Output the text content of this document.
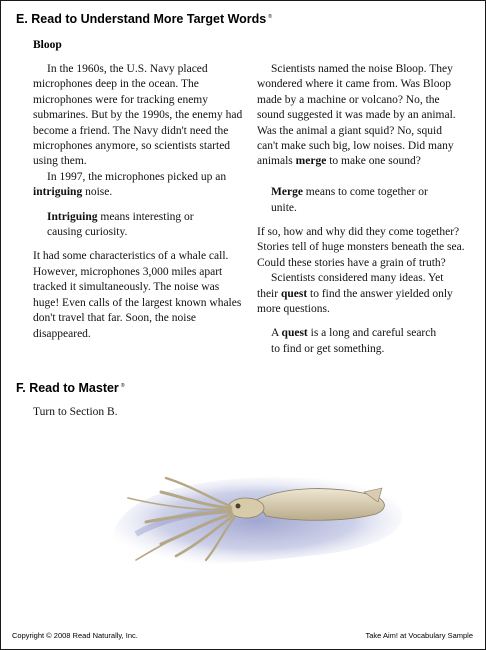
E. Read to Understand More Target Words ®
Bloop

In the 1960s, the U.S. Navy placed microphones deep in the ocean. The microphones were for tracking enemy submarines. But by the 1990s, the enemy had become a friend. The Navy didn't need the microphones anymore, so scientists started using them.

In 1997, the microphones picked up an intriguing noise.

Intriguing means interesting or causing curiosity.

It had some characteristics of a whale call. However, microphones 3,000 miles apart tracked it simultaneously. The noise was huge! Even calls of the largest known whales don't travel that far. Soon, the noise disappeared.

Scientists named the noise Bloop. They wondered where it came from. Was Bloop made by a machine or volcano? No, the sound suggested it was made by an animal. Was the animal a giant squid? No, squid can't make such big, low noises. Did many animals merge to make one sound?

Merge means to come together or unite.

If so, how and why did they come together? Stories tell of huge monsters beneath the sea. Could these stories have a grain of truth?

Scientists considered many ideas. Yet their quest to find the answer yielded only more questions.

A quest is a long and careful search to find or get something.

F. Read to Master ®
Turn to Section B.
Copyright © 2008 Read Naturally, Inc.	Take Aim! at Vocabulary Sample
